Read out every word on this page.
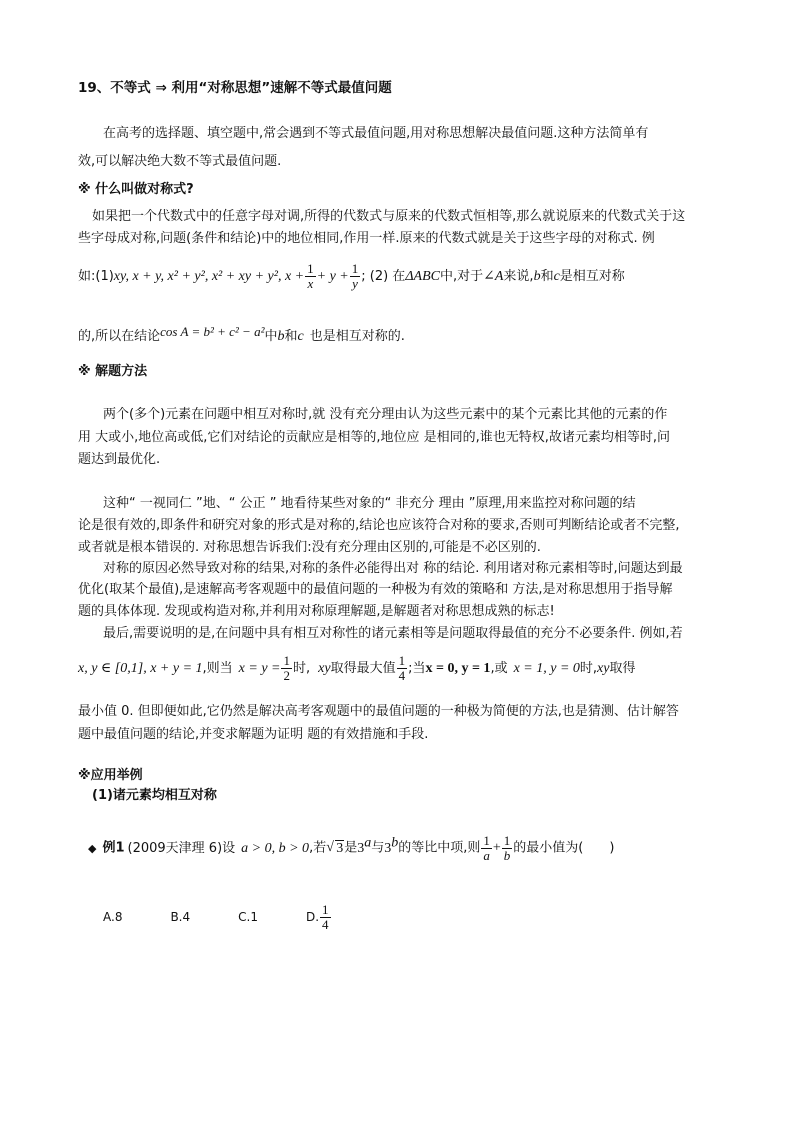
19、不等式 ⇒ 利用“对称思想”速解不等式最值问题
在高考的选择题、填空题中,常会遇到不等式最值问题,用对称思想解决最值问题.这种方法简单有
效,可以解决绝大数不等式最值问题.
※ 什么叫做对称式?
如果把一个代数式中的任意字母对调,所得的代数式与原来的代数式恒相等,那么就说原来的代数式关于这
些字母成对称,问题(条件和结论)中的地位相同,作用一样.原来的代数式就是关于这些字母的对称式. 例
如:(1)xy, x + y, x² + y², x² + xy + y², $x + \frac{1}{x} + y + \frac{1}{y}$ ; (2) 在ΔABC中,对于∠A来说,b和c是相互对称
的,所以在结论cos A = b² + c² − a²中b和c 也是相互对称的.
※ 解题方法
两个(多个)元素在问题中相互对称时,就 没有充分理由认为这些元素中的某个元素比其他的元素的作
用 大或小,地位高或低,它们对结论的贡献应是相等的,地位应 是相同的,谁也无特权,故诸元素均相等时,问
题达到最优化.
这种“ 一视同仁 ”地、“ 公正 ” 地看待某些对象的“ 非充分 理由 ”原理,用来监控对称问题的结
论是很有效的,即条件和研究对象的形式是对称的,结论也应该符合对称的要求,否则可判断结论或者不完整,
或者就是根本错误的. 对称思想告诉我们:没有充分理由区别的,可能是不必区别的.
对称的原因必然导致对称的结果,对称的条件必能得出对 称的结论. 利用诸对称元素相等时,问题达到最
优化(取某个最值),是速解高考客观题中的最值问题的一种极为有效的策略和 方法,是对称思想用于指导解
题的具体体现. 发现或构造对称,并利用对称原理解题,是解题者对称思想成熟的标志!
最后,需要说明的是,在问题中具有相互对称性的诸元素相等是问题取得最值的充分不必要条件. 例如,若
x, y ∈ [0,1], x + y = 1,则当 $x = y = \frac{1}{2}$ 时, xy取得最大值 $\frac{1}{4}$ ;当x = 0, y = 1,或 x = 1, y = 0时,xy取得
最小值 0. 但即便如此,它仍然是解决高考客观题中的最值问题的一种极为简便的方法,也是猜测、估计解答
题中最值问题的结论,并变求解题为证明 题的有效措施和手段.
※应用举例
(1)诸元素均相互对称
◆ 例1 (2009天津理 6)设 a > 0, b > 0,若√ 3是3$^a$与3$^b$的等比中项,则 $\frac{1}{a} + \frac{1}{b}$ 的最小值为(　　)
A.8	B.4	C.1	D. $\frac{1}{4}$
